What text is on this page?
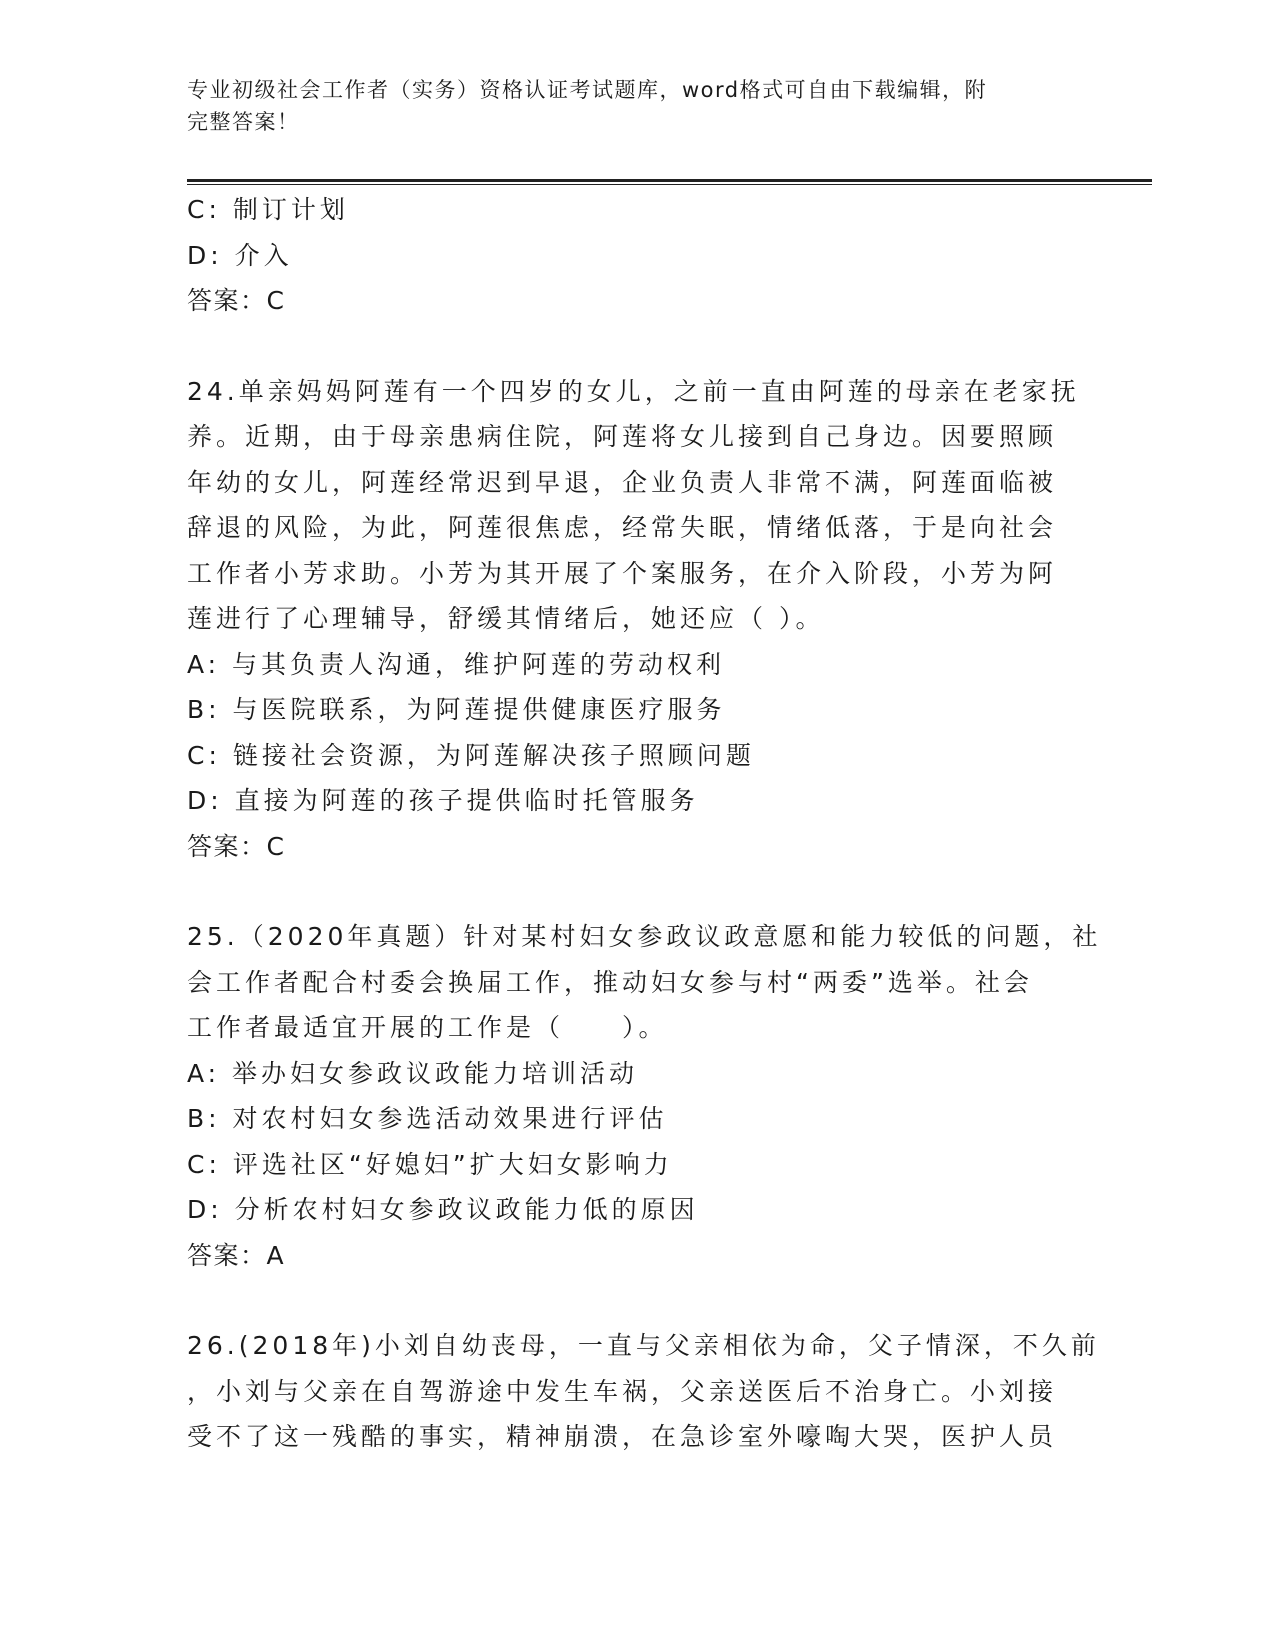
专业初级社会工作者（实务）资格认证考试题库，word格式可自由下载编辑，附
完整答案！
C: 制订计划
D: 介入
答案：C
24.单亲妈妈阿莲有一个四岁的女儿，之前一直由阿莲的母亲在老家抚
养。近期，由于母亲患病住院，阿莲将女儿接到自己身边。因要照顾
年幼的女儿，阿莲经常迟到早退，企业负责人非常不满，阿莲面临被
辞退的风险，为此，阿莲很焦虑，经常失眠，情绪低落，于是向社会
工作者小芳求助。小芳为其开展了个案服务，在介入阶段，小芳为阿
莲进行了心理辅导，舒缓其情绪后，她还应（ ）。
A: 与其负责人沟通，维护阿莲的劳动权利
B: 与医院联系，为阿莲提供健康医疗服务
C: 链接社会资源，为阿莲解决孩子照顾问题
D: 直接为阿莲的孩子提供临时托管服务
答案：C
25.（2020年真题）针对某村妇女参政议政意愿和能力较低的问题，社
会工作者配合村委会换届工作，推动妇女参与村“两委”选举。社会
工作者最适宜开展的工作是（　　）。
A: 举办妇女参政议政能力培训活动
B: 对农村妇女参选活动效果进行评估
C: 评选社区“好媳妇”扩大妇女影响力
D: 分析农村妇女参政议政能力低的原因
答案：A
26.(2018年)小刘自幼丧母，一直与父亲相依为命，父子情深，不久前
，小刘与父亲在自驾游途中发生车祸，父亲送医后不治身亡。小刘接
受不了这一残酷的事实，精神崩溃，在急诊室外嚎啕大哭，医护人员
